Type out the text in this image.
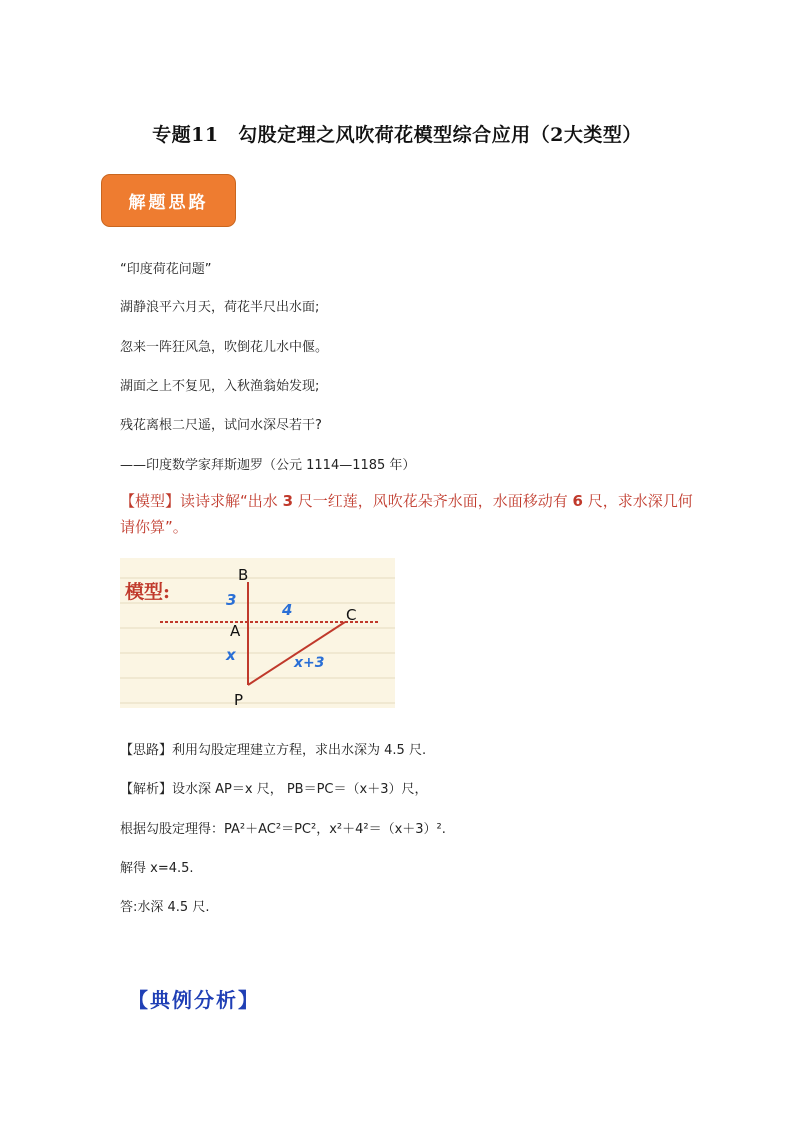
专题11　勾股定理之风吹荷花模型综合应用（2大类型）
解题思路
“印度荷花问题”
湖静浪平六月天，荷花半尺出水面;
忽来一阵狂风急，吹倒花儿水中偃。
湖面之上不复见，入秋渔翁始发现;
残花离根二尺遥，试问水深尽若干?
——印度数学家拜斯迦罗（公元 1114—1185 年）
【模型】读诗求解“出水 3 尺一红莲，风吹花朵齐水面，水面移动有 6 尺，求水深几何请你算”。
模型:
B
A
C
P
3
4
x	x+3
【思路】利用勾股定理建立方程，求出水深为 4.5 尺.
【解析】设水深 AP＝x 尺， PB＝PC＝（x＋3）尺，
根据勾股定理得：PA²＋AC²＝PC²，x²＋4²＝（x＋3）².
解得 x=4.5.
答:水深 4.5 尺.
【典例分析】
